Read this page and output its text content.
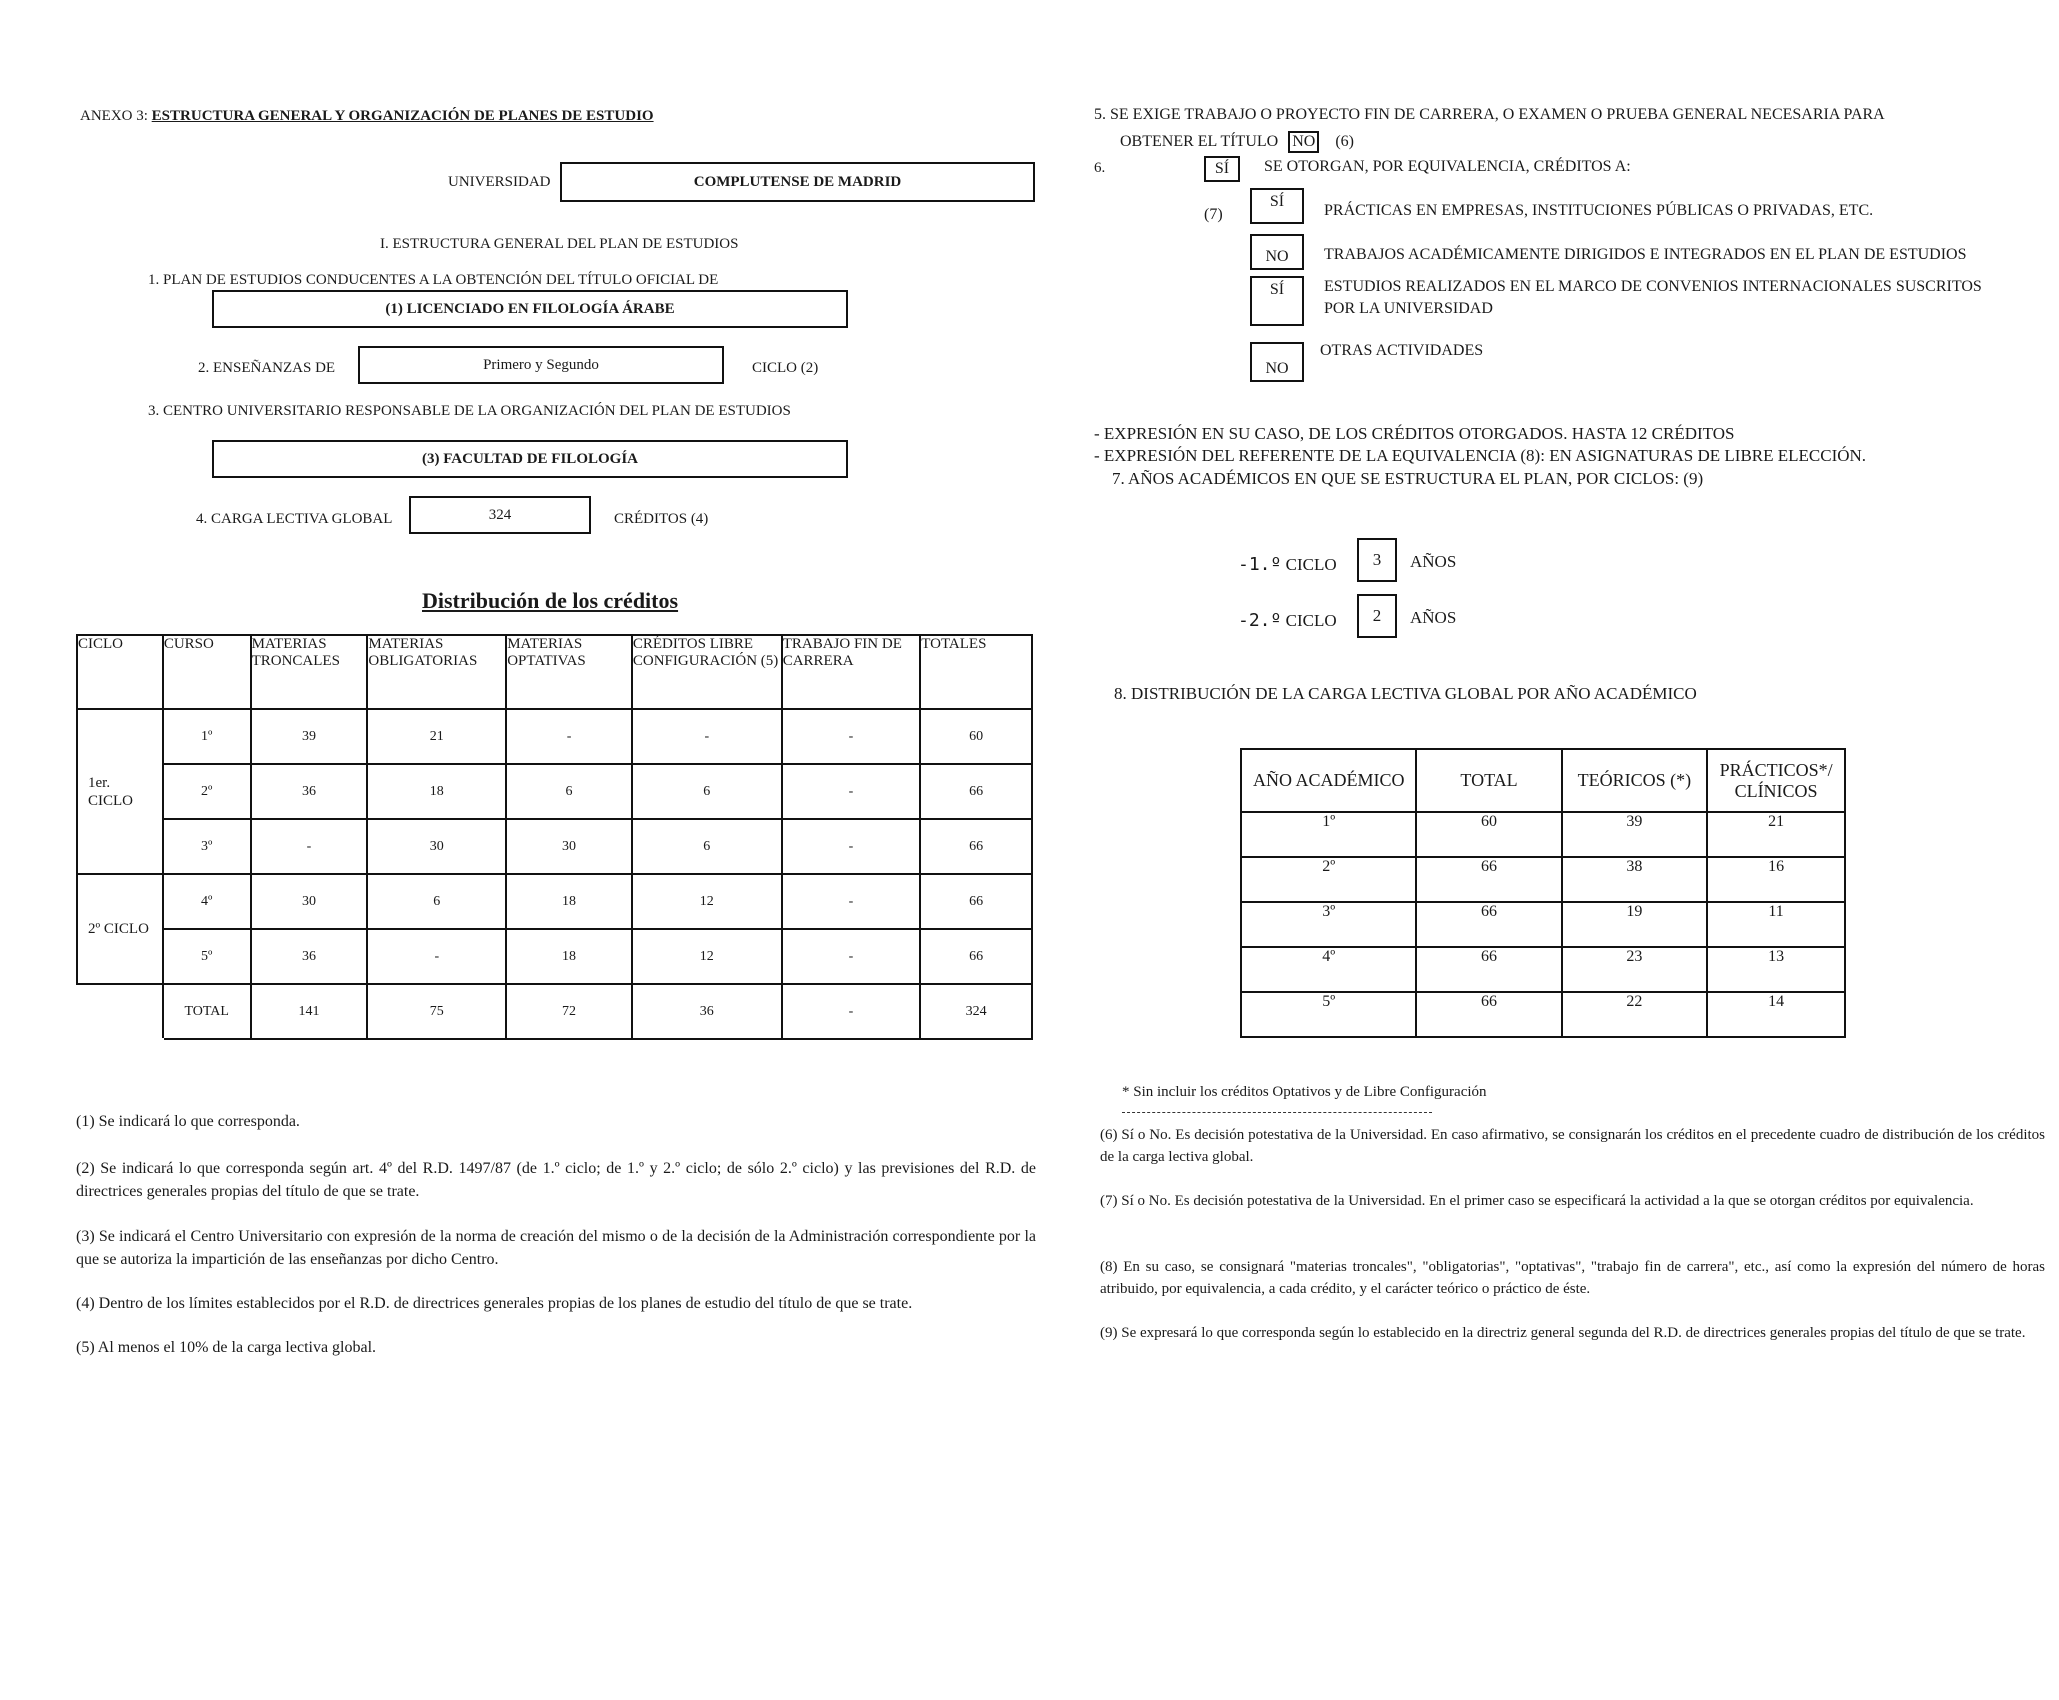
ANEXO 3: ESTRUCTURA GENERAL Y ORGANIZACIÓN DE PLANES DE ESTUDIO
UNIVERSIDAD	COMPLUTENSE DE MADRID
I. ESTRUCTURA GENERAL DEL PLAN DE ESTUDIOS
1. PLAN DE ESTUDIOS CONDUCENTES A LA OBTENCIÓN DEL TÍTULO OFICIAL DE
(1) LICENCIADO EN FILOLOGÍA ÁRABE
2. ENSEÑANZAS DE	Primero y Segundo	CICLO (2)
3. CENTRO UNIVERSITARIO RESPONSABLE DE LA ORGANIZACIÓN DEL PLAN DE ESTUDIOS
(3) FACULTAD DE FILOLOGÍA
4. CARGA LECTIVA GLOBAL	324	CRÉDITOS (4)
Distribución de los créditos
CICLO	CURSO	MATERIAS TRONCALES	MATERIAS OBLIGATORIAS	MATERIAS OPTATIVAS	CRÉDITOS LIBRE CONFIGURACIÓN (5)	TRABAJO FIN DE CARRERA	TOTALES

1er. CICLO	1º	39	21	-	-	-	60
	2º	36	18	6	6	-	66
	3º	-	30	30	6	-	66
2º CICLO	4º	30	6	18	12	-	66
	5º	36	-	18	12	-	66
	TOTAL	141	75	72	36	-	324
(1) Se indicará lo que corresponda.
(2) Se indicará lo que corresponda según art. 4º del R.D. 1497/87 (de 1.º ciclo; de 1.º y 2.º ciclo; de sólo 2.º ciclo) y las previsiones del R.D. de directrices generales propias del título de que se trate.
(3) Se indicará el Centro Universitario con expresión de la norma de creación del mismo o de la decisión de la Administración correspondiente por la que se autoriza la impartición de las enseñanzas por dicho Centro.
(4) Dentro de los límites establecidos por el R.D. de directrices generales propias de los planes de estudio del título de que se trate.
(5) Al menos el 10% de la carga lectiva global.
5. SE EXIGE TRABAJO O PROYECTO FIN DE CARRERA, O EXAMEN O PRUEBA GENERAL NECESARIA PARA
OBTENER EL TÍTULO NO (6)
6.	SÍ SE OTORGAN, POR EQUIVALENCIA, CRÉDITOS A:
(7)
SÍ
PRÁCTICAS EN EMPRESAS, INSTITUCIONES PÚBLICAS O PRIVADAS, ETC.
NO TRABAJOS ACADÉMICAMENTE DIRIGIDOS E INTEGRADOS EN EL PLAN DE ESTUDIOS
SÍ ESTUDIOS REALIZADOS EN EL MARCO DE CONVENIOS INTERNACIONALES SUSCRITOS
POR LA UNIVERSIDAD
NO
OTRAS ACTIVIDADES
- EXPRESIÓN EN SU CASO, DE LOS CRÉDITOS OTORGADOS. HASTA 12 CRÉDITOS
- EXPRESIÓN DEL REFERENTE DE LA EQUIVALENCIA (8): EN ASIGNATURAS DE LIBRE ELECCIÓN.
7. AÑOS ACADÉMICOS EN QUE SE ESTRUCTURA EL PLAN, POR CICLOS: (9)
-1.º CICLO 3 AÑOS
-2.º CICLO 2 AÑOS
8. DISTRIBUCIÓN DE LA CARGA LECTIVA GLOBAL POR AÑO ACADÉMICO
AÑO ACADÉMICO	TOTAL	TEÓRICOS (*)	PRÁCTICOS*/ CLÍNICOS
1º	60	39	21
2º	66	38	16
3º	66	19	11
4º	66	23	13
5º	66	22	14
* Sin incluir los créditos Optativos y de Libre Configuración
(6) Sí o No. Es decisión potestativa de la Universidad. En caso afirmativo, se consignarán los créditos en el precedente cuadro de distribución de los créditos de la carga lectiva global.
(7) Sí o No. Es decisión potestativa de la Universidad. En el primer caso se especificará la actividad a la que se otorgan créditos por equivalencia.
(8) En su caso, se consignará "materias troncales", "obligatorias", "optativas", "trabajo fin de carrera", etc., así como la expresión del número de horas atribuido, por equivalencia, a cada crédito, y el carácter teórico o práctico de éste.
(9) Se expresará lo que corresponda según lo establecido en la directriz general segunda del R.D. de directrices generales propias del título de que se trate.
